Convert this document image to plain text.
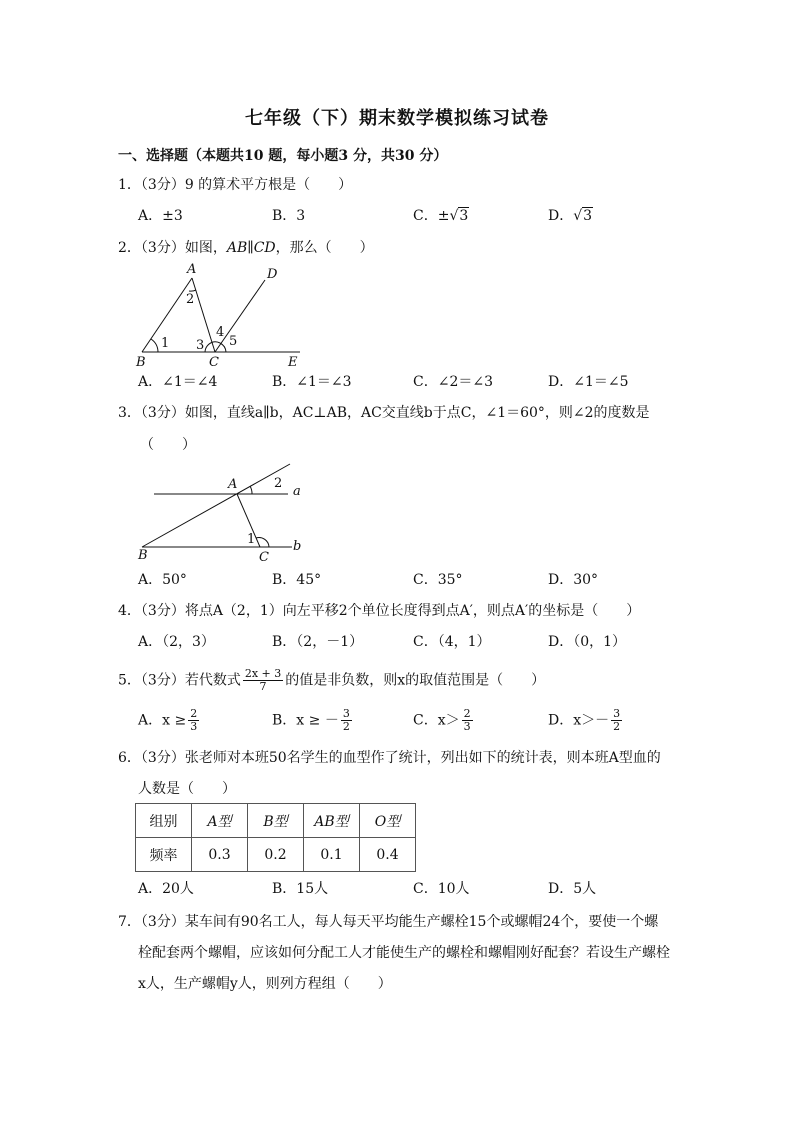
七年级（下）期末数学模拟练习试卷
一、选择题（本题共10 题，每小题3 分，共30 分）
1．（3分）9 的算术平方根是（　　）
A．±3	B．3	C．±√3	D．√3
2．（3分）如图，AB∥CD，那么（　　）
A
B	C
D
E
1
2
3
4
5
A．∠1＝∠4	B．∠1＝∠3	C．∠2＝∠3	D．∠1＝∠5
3．（3分）如图，直线a∥b，AC⊥AB，AC交直线b于点C，∠1＝60°，则∠2的度数是
（　　）
A
B	C
a
b
1
2
A．50°	B．45°	C．35°	D．30°
4．（3分）将点A（2，1）向左平移2个单位长度得到点A′，则点A′的坐标是（　　）
A．（2，3）	B．（2，－1）	C．（4，1）	D．（0，1）
5．（3分）若代数式 $\frac{2x + 3}{7}$ 的值是非负数，则x的取值范围是（　　）
A．$x \ge \frac{2}{3}$	B．x ≥ － $\frac{3}{2}$	C．$x> \frac{2}{3}$	D．$x>- \frac{3}{2}$
6．（3分）张老师对本班50名学生的血型作了统计，列出如下的统计表，则本班A型血的
人数是（　　）
组别	A型	B型	AB型	O型
频率	0.3	0.2	0.1	0.4
A．20人	B．15人	C．10人	D．5人
7．（3分）某车间有90名工人，每人每天平均能生产螺栓15个或螺帽24个，要使一个螺
栓配套两个螺帽，应该如何分配工人才能使生产的螺栓和螺帽刚好配套？若设生产螺栓
x人，生产螺帽y人，则列方程组（　　）
